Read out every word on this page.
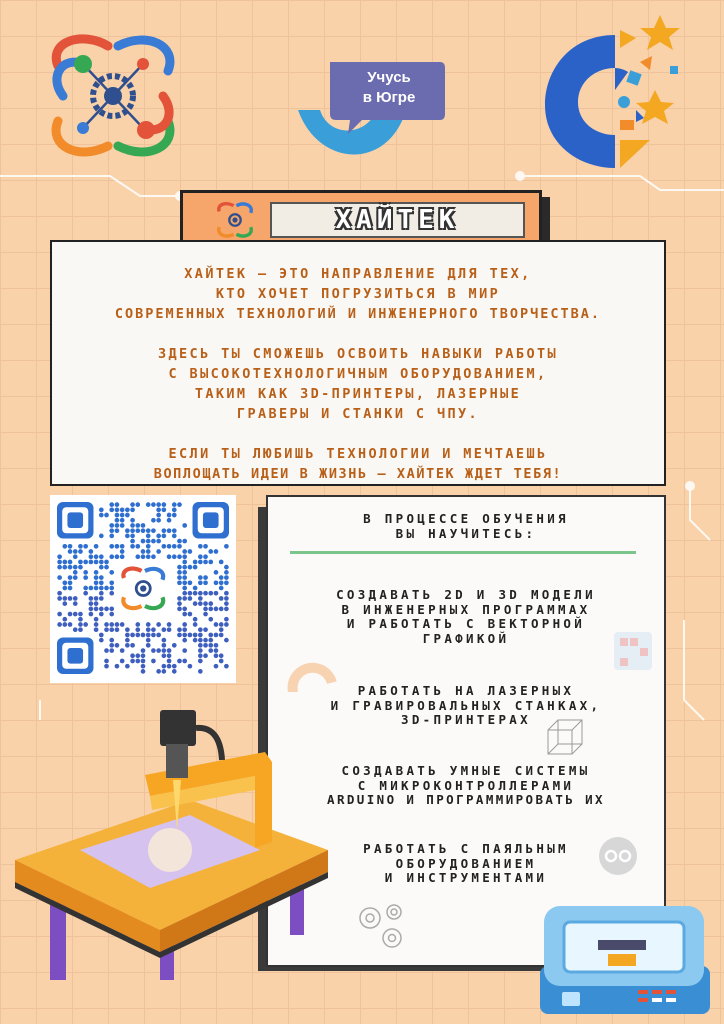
Учусь
в Югре
ХАЙТЕК

ХАЙТЕК — ЭТО НАПРАВЛЕНИЕ ДЛЯ ТЕХ,
КТО ХОЧЕТ ПОГРУЗИТЬСЯ В МИР
СОВРЕМЕННЫХ ТЕХНОЛОГИЙ И ИНЖЕНЕРНОГО ТВОРЧЕСТВА.

ЗДЕСЬ ТЫ СМОЖЕШЬ ОСВОИТЬ НАВЫКИ РАБОТЫ
С ВЫСОКОТЕХНОЛОГИЧНЫМ ОБОРУДОВАНИЕМ,
ТАКИМ КАК 3D-ПРИНТЕРЫ, ЛАЗЕРНЫЕ
ГРАВЕРЫ И СТАНКИ С ЧПУ.

ЕСЛИ ТЫ ЛЮБИШЬ ТЕХНОЛОГИИ И МЕЧТАЕШЬ
ВОПЛОЩАТЬ ИДЕИ В ЖИЗНЬ — ХАЙТЕК ЖДЕТ ТЕБЯ!

В ПРОЦЕССЕ ОБУЧЕНИЯ
ВЫ НАУЧИТЕСЬ:

СОЗДАВАТЬ 2D И 3D МОДЕЛИ
В ИНЖЕНЕРНЫХ ПРОГРАММАХ
И РАБОТАТЬ С ВЕКТОРНОЙ
ГРАФИКОЙ

РАБОТАТЬ НА ЛАЗЕРНЫХ
И ГРАВИРОВАЛЬНЫХ СТАНКАХ,
3D-ПРИНТЕРАХ

СОЗДАВАТЬ УМНЫЕ СИСТЕМЫ
С МИКРОКОНТРОЛЛЕРАМИ
ARDUINO И ПРОГРАММИРОВАТЬ ИХ

РАБОТАТЬ С ПАЯЛЬНЫМ
ОБОРУДОВАНИЕМ
И ИНСТРУМЕНТАМИ
